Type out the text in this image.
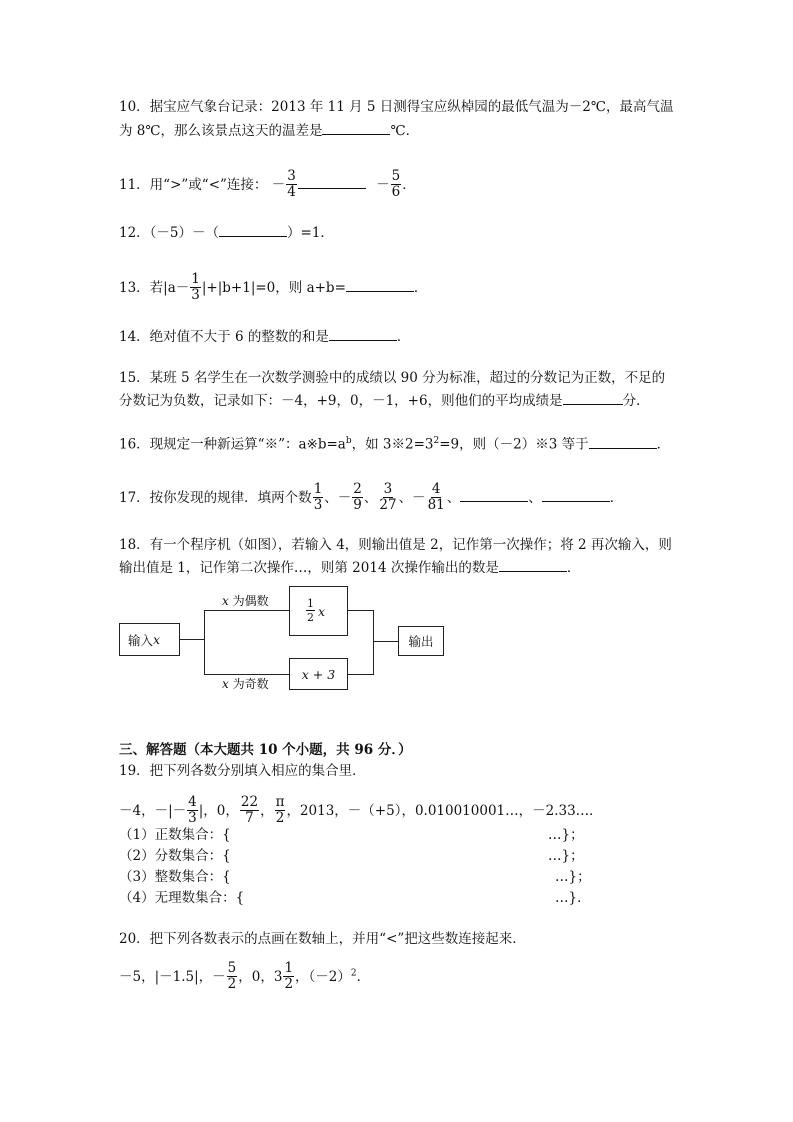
10．据宝应气象台记录：2013 年 11 月 5 日测得宝应纵棹园的最低气温为－2℃，最高气温
为 8℃，那么该景点这天的温差是	℃．
11．用“>”或“<”连接： － $\frac{3}{4}$	－ $\frac{5}{6}$ ．
12．（－5）－（	）=1．
13．若$|a- \frac{1}{3} |+|b+1|=0$，则 a+b=	．
14．绝对值不大于 6 的整数的和是	．
15．某班 5 名学生在一次数学测验中的成绩以 90 分为标准，超过的分数记为正数，不足的
分数记为负数，记录如下：－4，+9，0，－1，+6，则他们的平均成绩是	分．
16．现规定一种新运算“※”：$a※b=a^b$，如 $3※2=3^2=9$，则（－2）※3 等于	．
17．按你发现的规律．填两个数 $\frac{1}{3}$ 、－ $\frac{2}{9}$ 、 $\frac{3}{27}$ 、－ $\frac{4}{81}$ 、	、	．
18．有一个程序机（如图），若输入 4，则输出值是 2，记作第一次操作；将 2 再次输入，则
输出值是 1，记作第二次操作…，则第 2014 次操作输出的数是	．
输入 x
x 为偶数
x 为奇数
$\frac{1}{2}$ x
x + 3
输出
三、解答题（本大题共 10 个小题，共 96 分．）
19．把下列各数分别填入相应的集合里．
－4，－|－ $\frac{4}{3}$ |，0， $\frac{22}{7}$ ， $\frac{\pi}{2}$ ，2013，－（+5），0.010010001…，－2.33…．
（1）正数集合：{	…}；
（2）分数集合：{	…}；
（3）整数集合：{	…}；
（4）无理数集合：{	…}．
20．把下列各数表示的点画在数轴上，并用“<”把这些数连接起来．
－5，|－1.5|，－ $\frac{5}{2}$ ，0，$3 \frac{1}{2}$ ，$(-2)^2$．
